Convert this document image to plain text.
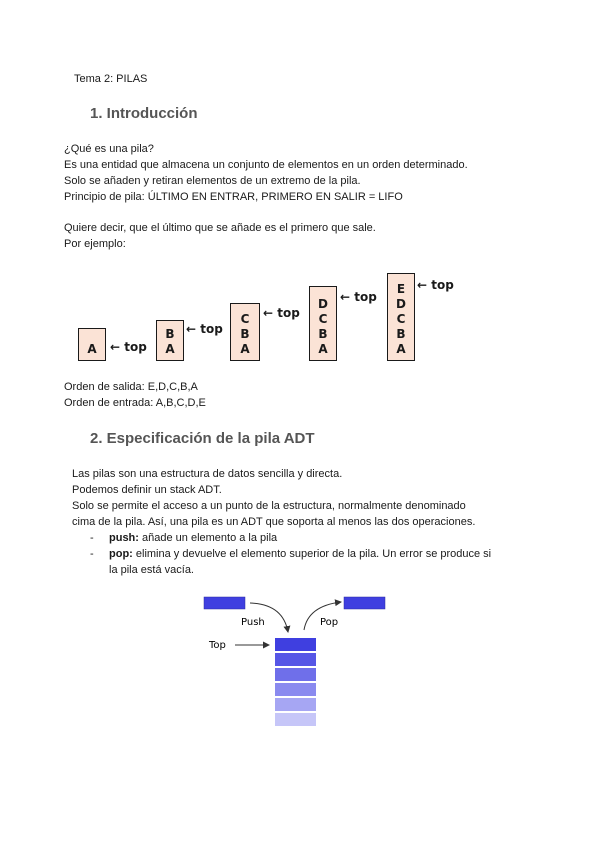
Tema 2: PILAS
1. Introducción
¿Qué es una pila?
Es una entidad que almacena un conjunto de elementos en un orden determinado.
Solo se añaden y retiran elementos de un extremo de la pila.
Principio de pila: ÚLTIMO EN ENTRAR, PRIMERO EN SALIR = LIFO
Quiere decir, que el último que se añade es el primero que sale.
Por ejemplo:
A ← top
B
A
← top
C
B
A
← top
D
C
B
A
← top
E
D
C
B
A
← top
Orden de salida: E,D,C,B,A
Orden de entrada: A,B,C,D,E
2. Especificación de la pila ADT
Las pilas son una estructura de datos sencilla y directa.
Podemos definir un stack ADT.
Solo se permite el acceso a un punto de la estructura, normalmente denominado
cima de la pila. Así, una pila es un ADT que soporta al menos las dos operaciones.
- push: añade un elemento a la pila
- pop: elimina y devuelve el elemento superior de la pila. Un error se produce si
la pila está vacía.
Push	Pop
Top
